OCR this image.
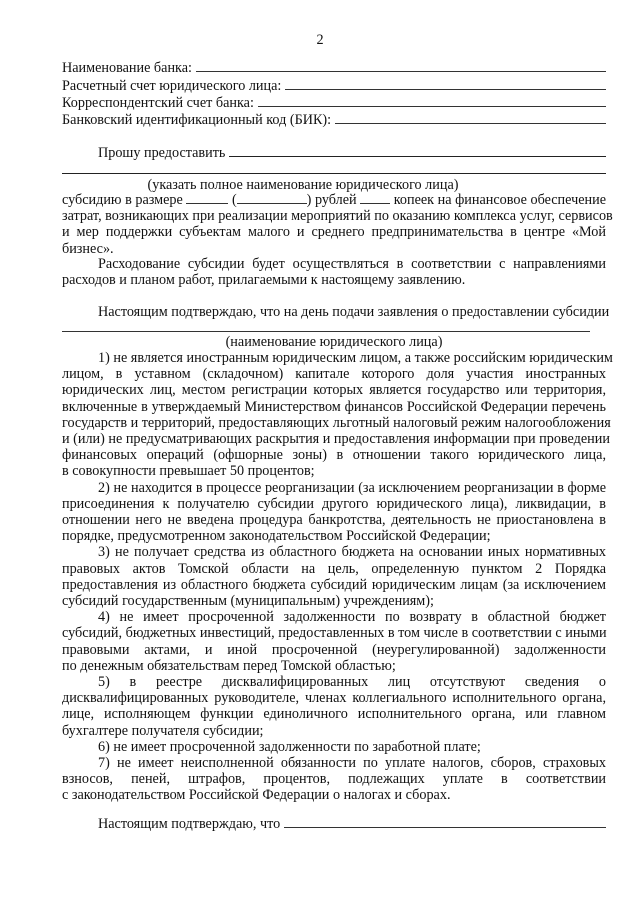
2
Наименование банка:
Расчетный счет юридического лица:
Корреспондентский счет банка:
Банковский идентификационный код (БИК):
Прошу предоставить
(указать полное наименование юридического лица)
субсидию в размере	(	) рублей	копеек на финансовое обеспечение
затрат, возникающих при реализации мероприятий по оказанию комплекса услуг, сервисов
и мер поддержки субъектам малого и среднего предпринимательства в центре «Мой
бизнес».
Расходование субсидии будет осуществляться в соответствии с направлениями
расходов и планом работ, прилагаемыми к настоящему заявлению.
Настоящим подтверждаю, что на день подачи заявления о предоставлении субсидии
(наименование юридического лица)
1) не является иностранным юридическим лицом, а также российским юридическим
лицом, в уставном (складочном) капитале которого доля участия иностранных
юридических лиц, местом регистрации которых является государство или территория,
включенные в утверждаемый Министерством финансов Российской Федерации перечень
государств и территорий, предоставляющих льготный налоговый режим налогообложения
и (или) не предусматривающих раскрытия и предоставления информации при проведении
финансовых операций (офшорные зоны) в отношении такого юридического лица,
в совокупности превышает 50 процентов;
2) не находится в процессе реорганизации (за исключением реорганизации в форме
присоединения к получателю субсидии другого юридического лица), ликвидации, в
отношении него не введена процедура банкротства, деятельность не приостановлена в
порядке, предусмотренном законодательством Российской Федерации;
3) не получает средства из областного бюджета на основании иных нормативных
правовых актов Томской области на цель, определенную пунктом 2 Порядка
предоставления из областного бюджета субсидий юридическим лицам (за исключением
субсидий государственным (муниципальным) учреждениям);
4) не имеет просроченной задолженности по возврату в областной бюджет
субсидий, бюджетных инвестиций, предоставленных в том числе в соответствии с иными
правовыми актами, и иной просроченной (неурегулированной) задолженности
по денежным обязательствам перед Томской областью;
5) в реестре дисквалифицированных лиц отсутствуют сведения о
дисквалифицированных руководителе, членах коллегиального исполнительного органа,
лице, исполняющем функции единоличного исполнительного органа, или главном
бухгалтере получателя субсидии;
6) не имеет просроченной задолженности по заработной плате;
7) не имеет неисполненной обязанности по уплате налогов, сборов, страховых
взносов, пеней, штрафов, процентов, подлежащих уплате в соответствии
с законодательством Российской Федерации о налогах и сборах.
Настоящим подтверждаю, что
